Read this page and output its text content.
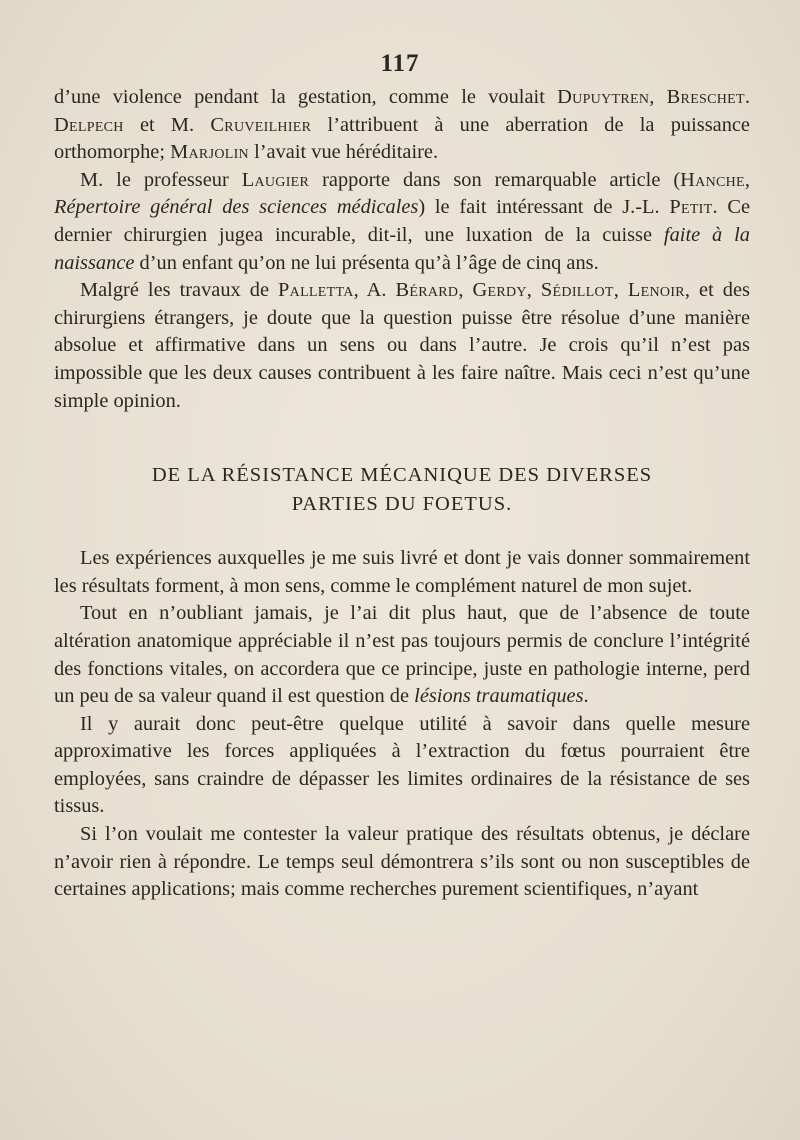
117

d’une violence pendant la gestation, comme le voulait Dupuytren, Breschet. Delpech et M. Cruveilhier l’attribuent à une aberration de la puissance orthomorphe; Marjolin l’avait vue héréditaire.

M. le professeur Laugier rapporte dans son remarquable article (Hanche, Répertoire général des sciences médicales) le fait intéressant de J.-L. Petit. Ce dernier chirurgien jugea incurable, dit-il, une luxation de la cuisse faite à la naissance d’un enfant qu’on ne lui présenta qu’à l’âge de cinq ans.

Malgré les travaux de Palletta, A. Bérard, Gerdy, Sédillot, Lenoir, et des chirurgiens étrangers, je doute que la question puisse être résolue d’une manière absolue et affirmative dans un sens ou dans l’autre. Je crois qu’il n’est pas impossible que les deux causes contribuent à les faire naître. Mais ceci n’est qu’une simple opinion.

DE LA RÉSISTANCE MÉCANIQUE DES DIVERSES
PARTIES DU FOETUS.

Les expériences auxquelles je me suis livré et dont je vais donner sommairement les résultats forment, à mon sens, comme le complément naturel de mon sujet.

Tout en n’oubliant jamais, je l’ai dit plus haut, que de l’absence de toute altération anatomique appréciable il n’est pas toujours permis de conclure l’intégrité des fonctions vitales, on accordera que ce principe, juste en pathologie interne, perd un peu de sa valeur quand il est question de lésions traumatiques.

Il y aurait donc peut-être quelque utilité à savoir dans quelle mesure approximative les forces appliquées à l’extraction du fœtus pourraient être employées, sans craindre de dépasser les limites ordinaires de la résistance de ses tissus.

Si l’on voulait me contester la valeur pratique des résultats obtenus, je déclare n’avoir rien à répondre. Le temps seul démontrera s’ils sont ou non susceptibles de certaines applications; mais comme recherches purement scientifiques, n’ayant
